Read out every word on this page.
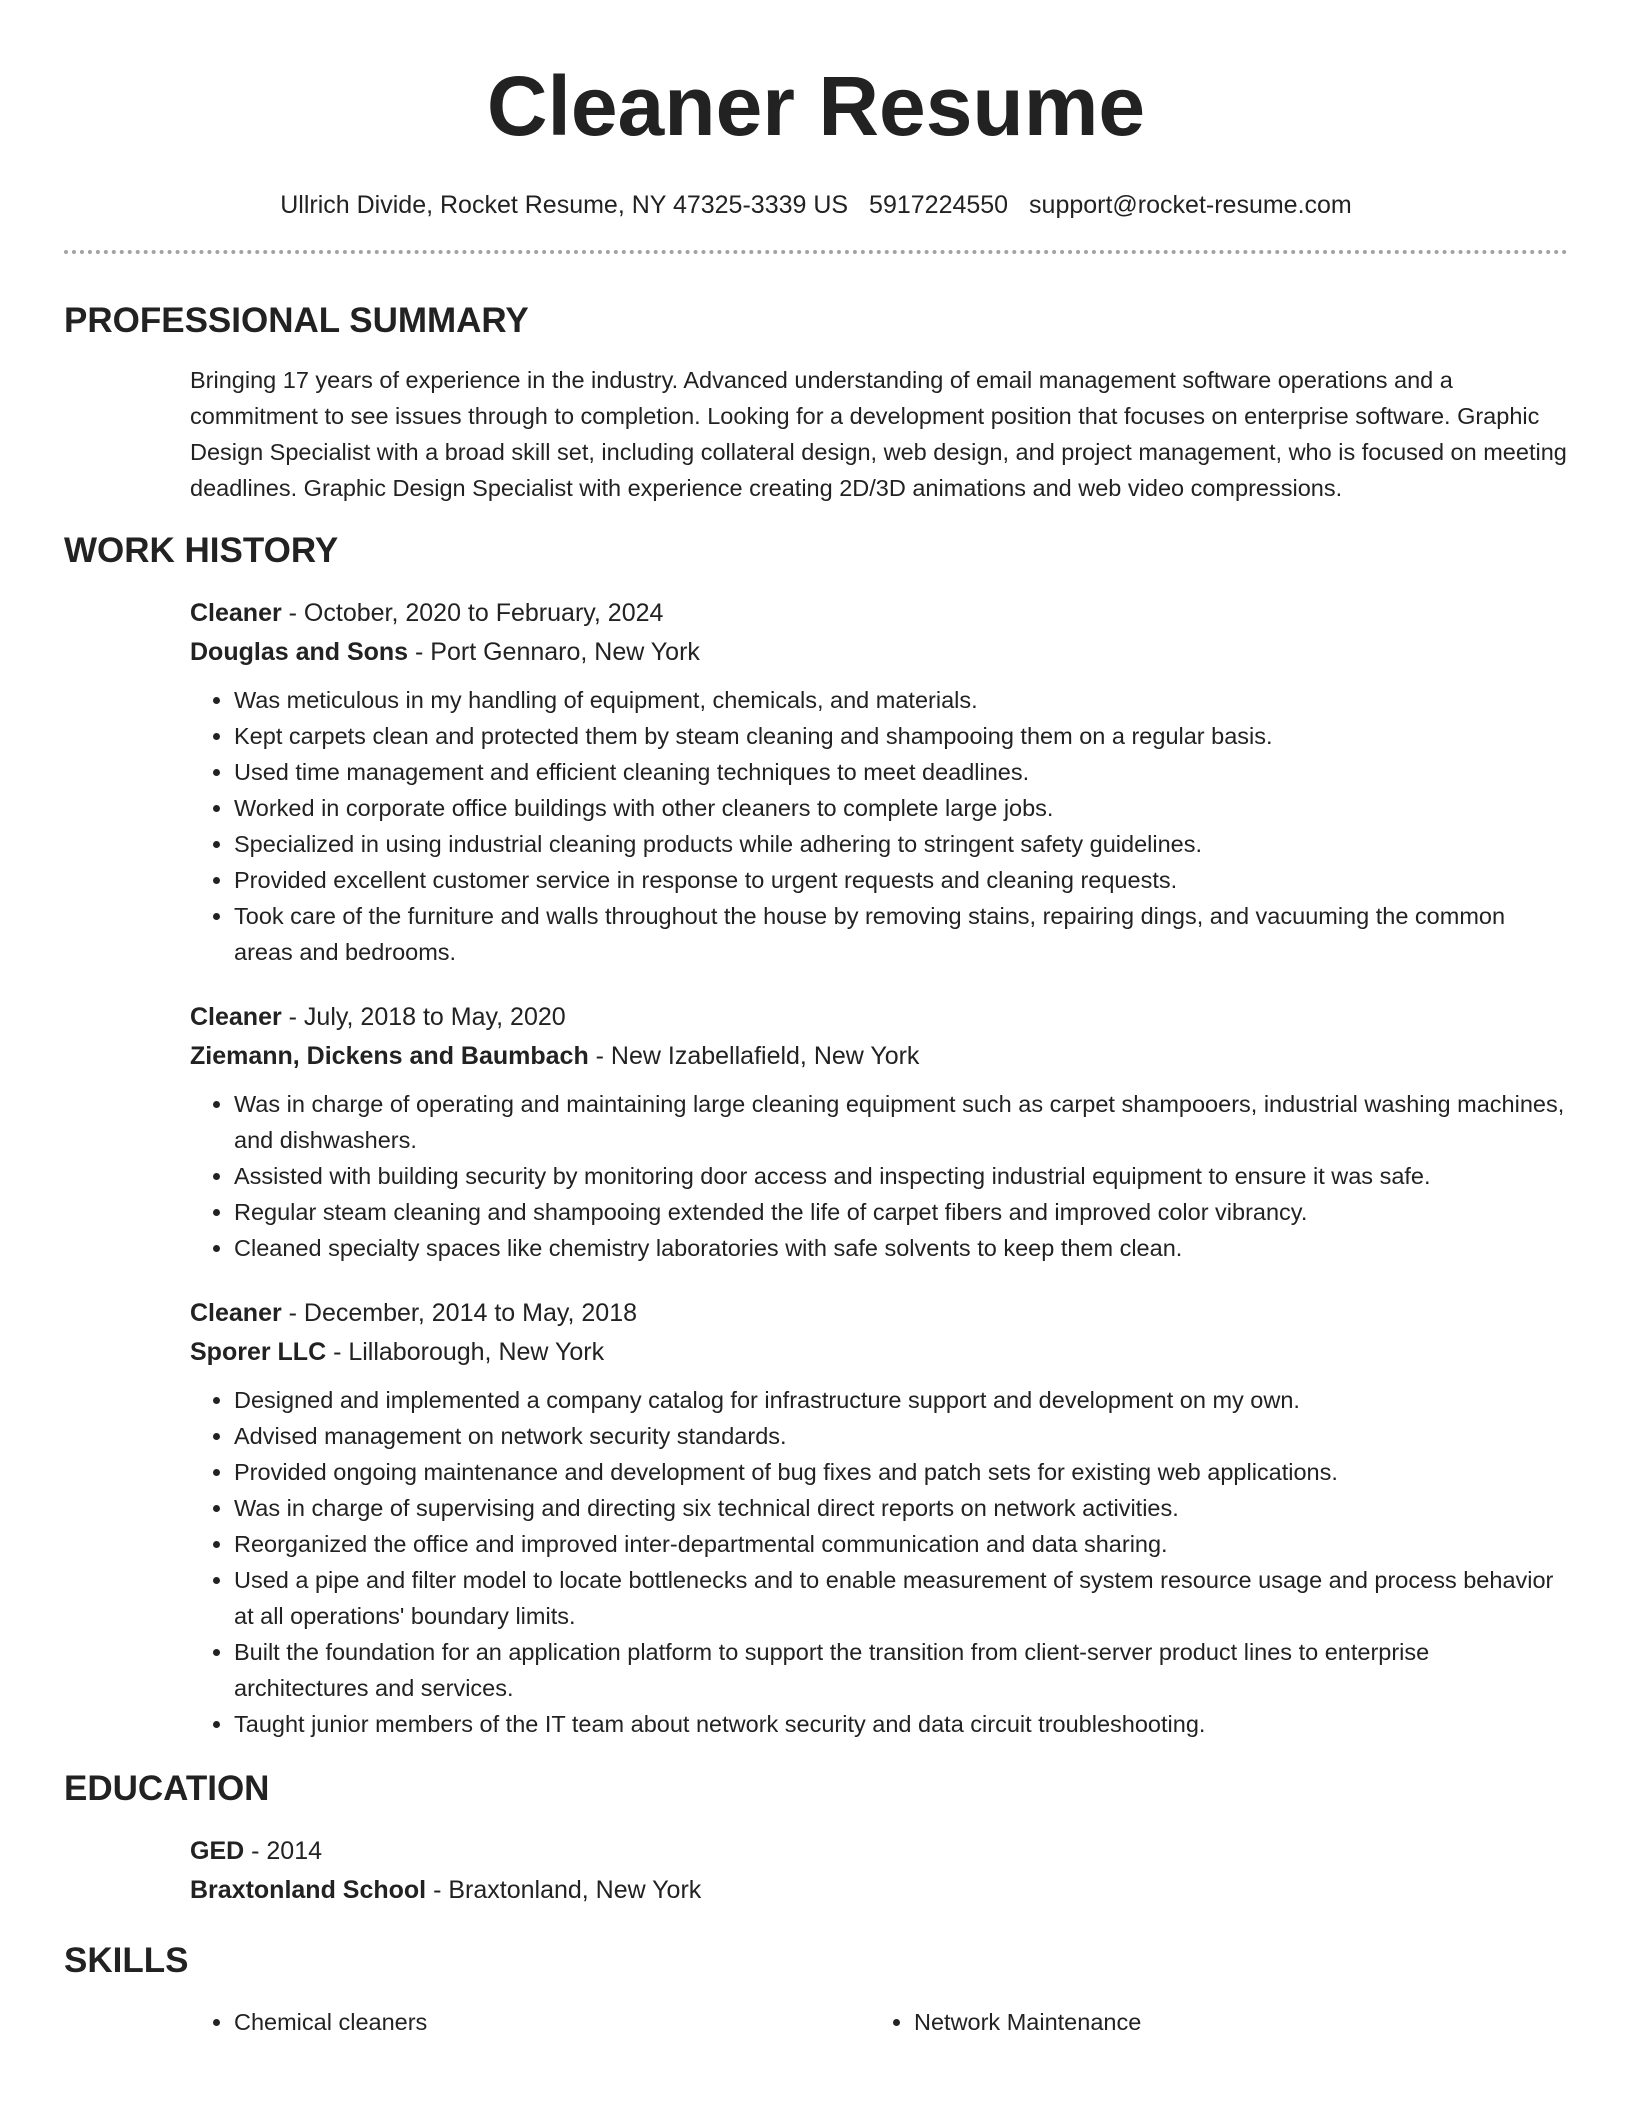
Cleaner Resume
Ullrich Divide, Rocket Resume, NY 47325-3339 US 5917224550 support@rocket-resume.com
PROFESSIONAL SUMMARY

Bringing 17 years of experience in the industry. Advanced understanding of email management software operations and a commitment to see issues through to completion. Looking for a development position that focuses on enterprise software. Graphic Design Specialist with a broad skill set, including collateral design, web design, and project management, who is focused on meeting deadlines. Graphic Design Specialist with experience creating 2D/3D animations and web video compressions.

WORK HISTORY
Cleaner - October, 2020 to February, 2024
Douglas and Sons - Port Gennaro, New York
• Was meticulous in my handling of equipment, chemicals, and materials.
• Kept carpets clean and protected them by steam cleaning and shampooing them on a regular basis.
• Used time management and efficient cleaning techniques to meet deadlines.
• Worked in corporate office buildings with other cleaners to complete large jobs.
• Specialized in using industrial cleaning products while adhering to stringent safety guidelines.
• Provided excellent customer service in response to urgent requests and cleaning requests.
• Took care of the furniture and walls throughout the house by removing stains, repairing dings, and vacuuming the common areas and bedrooms.
Cleaner - July, 2018 to May, 2020
Ziemann, Dickens and Baumbach - New Izabellafield, New York
• Was in charge of operating and maintaining large cleaning equipment such as carpet shampooers, industrial washing machines, and dishwashers.
• Assisted with building security by monitoring door access and inspecting industrial equipment to ensure it was safe.
• Regular steam cleaning and shampooing extended the life of carpet fibers and improved color vibrancy.
• Cleaned specialty spaces like chemistry laboratories with safe solvents to keep them clean.
Cleaner - December, 2014 to May, 2018
Sporer LLC - Lillaborough, New York
• Designed and implemented a company catalog for infrastructure support and development on my own.
• Advised management on network security standards.
• Provided ongoing maintenance and development of bug fixes and patch sets for existing web applications.
• Was in charge of supervising and directing six technical direct reports on network activities.
• Reorganized the office and improved inter-departmental communication and data sharing.
• Used a pipe and filter model to locate bottlenecks and to enable measurement of system resource usage and process behavior at all operations' boundary limits.
• Built the foundation for an application platform to support the transition from client-server product lines to enterprise architectures and services.
• Taught junior members of the IT team about network security and data circuit troubleshooting.
EDUCATION
GED - 2014
Braxtonland School - Braxtonland, New York
SKILLS
• Chemical cleaners
•	Network Maintenance
